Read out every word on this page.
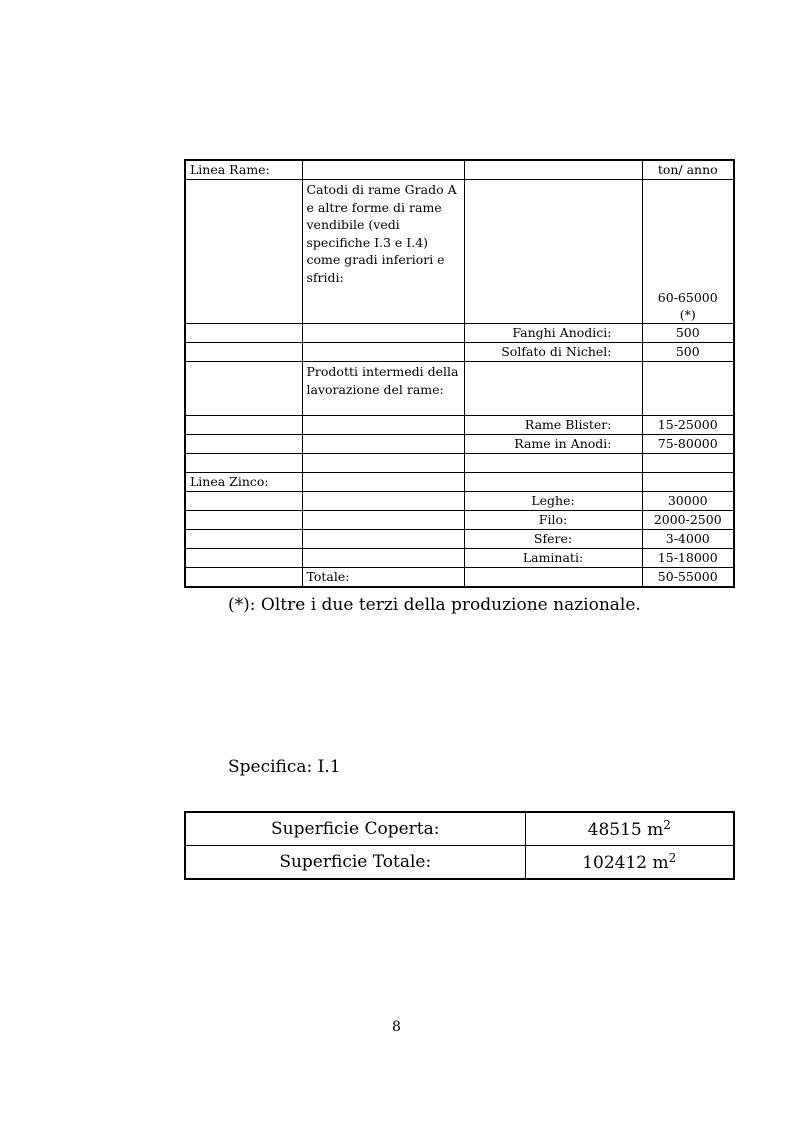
Linea Rame:			ton/ anno
	Catodi di rame Grado A e altre forme di rame vendibile (vedi specifiche I.3 e I.4) come gradi inferiori e sfridi:		60-65000
(*)

		Fanghi Anodici:	500
		Solfato di Nichel:	500
	Prodotti intermedi della lavorazione del rame:		
		Rame Blister:	15-25000
		Rame in Anodi:	75-80000

Linea Zinco:			
		Leghe:	30000
		Filo:	2000-2500
		Sfere:	3-4000
		Laminati:	15-18000
	Totale:		50-55000
(*): Oltre i due terzi della produzione nazionale.
Specifica: I.1
Superficie Coperta:	48515 $m^2$
Superficie Totale:	102412 $m^2$
8
